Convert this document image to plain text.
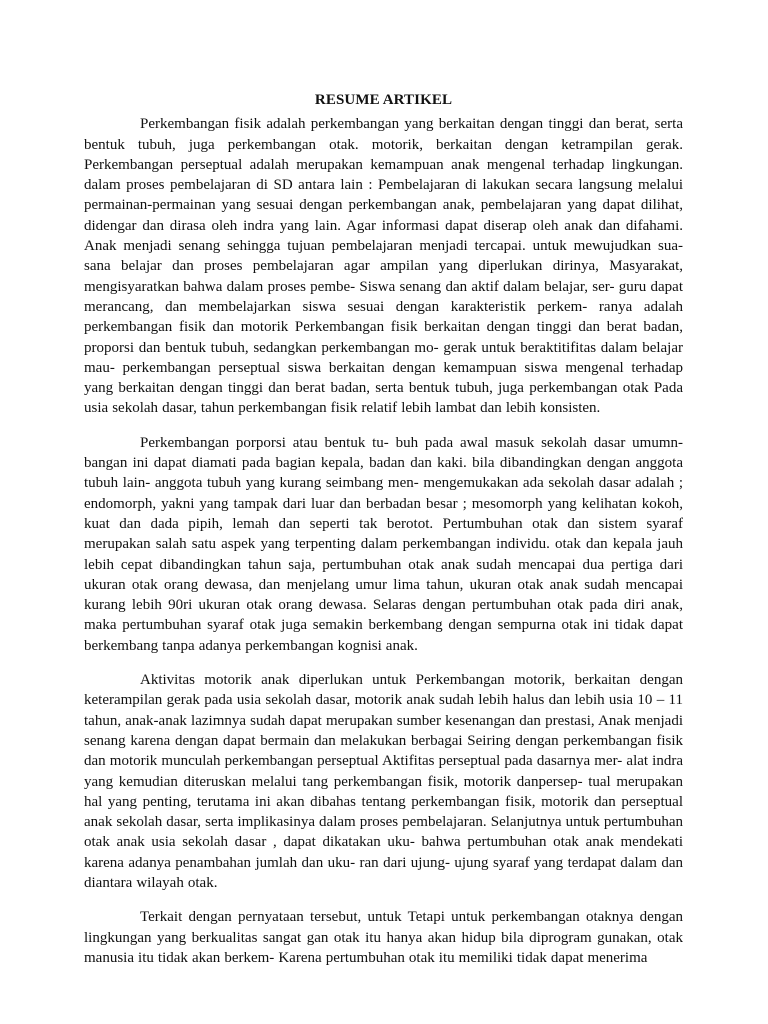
RESUME ARTIKEL

Perkembangan fisik adalah perkembangan yang berkaitan dengan tinggi dan berat, serta bentuk tubuh, juga perkembangan otak. motorik, berkaitan dengan ketrampilan gerak. Perkembangan perseptual adalah merupakan kemampuan anak mengenal terhadap lingkungan. dalam proses pembelajaran di SD antara lain : Pembelajaran di lakukan secara langsung melalui permainan-permainan yang sesuai dengan perkembangan anak, pembelajaran yang dapat dilihat, didengar dan dirasa oleh indra yang lain. Agar informasi dapat diserap oleh anak dan difahami. Anak menjadi senang sehingga tujuan pembelajaran menjadi tercapai. untuk mewujudkan sua- sana belajar dan proses pembelajaran agar ampilan yang diperlukan dirinya, Masyarakat, mengisyaratkan bahwa dalam proses pembe- Siswa senang dan aktif dalam belajar, ser- guru dapat merancang, dan membelajarkan siswa sesuai dengan karakteristik perkem- ranya adalah perkembangan fisik dan motorik Perkembangan fisik berkaitan dengan tinggi dan berat badan, proporsi dan bentuk tubuh, sedangkan perkembangan mo- gerak untuk beraktitifitas dalam belajar mau- perkembangan perseptual siswa berkaitan dengan kemampuan siswa mengenal terhadap yang berkaitan dengan tinggi dan berat badan, serta bentuk tubuh, juga perkembangan otak Pada usia sekolah dasar, tahun perkembangan fisik relatif lebih lambat dan lebih konsisten.

Perkembangan porporsi atau bentuk tu- buh pada awal masuk sekolah dasar umumn- bangan ini dapat diamati pada bagian kepala, badan dan kaki. bila dibandingkan dengan anggota tubuh lain- anggota tubuh yang kurang seimbang men- mengemukakan ada sekolah dasar adalah ; endomorph, yakni yang tampak dari luar dan berbadan besar ; mesomorph yang kelihatan kokoh, kuat dan dada pipih, lemah dan seperti tak berotot. Pertumbuhan otak dan sistem syaraf merupakan salah satu aspek yang terpenting dalam perkembangan individu. otak dan kepala jauh lebih cepat dibandingkan tahun saja, pertumbuhan otak anak sudah mencapai dua pertiga dari ukuran otak orang dewasa, dan menjelang umur lima tahun, ukuran otak anak sudah mencapai kurang lebih 90ri ukuran otak orang dewasa. Selaras dengan pertumbuhan otak pada diri anak, maka pertumbuhan syaraf otak juga semakin berkembang dengan sempurna otak ini tidak dapat berkembang tanpa adanya perkembangan kognisi anak.

Aktivitas motorik anak diperlukan untuk Perkembangan motorik, berkaitan dengan keterampilan gerak pada usia sekolah dasar, motorik anak sudah lebih halus dan lebih usia 10 – 11 tahun, anak-anak lazimnya sudah dapat merupakan sumber kesenangan dan prestasi, Anak menjadi senang karena dengan dapat bermain dan melakukan berbagai Seiring dengan perkembangan fisik dan motorik munculah perkembangan perseptual Aktifitas perseptual pada dasarnya mer- alat indra yang kemudian diteruskan melalui tang perkembangan fisik, motorik danpersep- tual merupakan hal yang penting, terutama ini akan dibahas tentang perkembangan fisik, motorik dan perseptual anak sekolah dasar, serta implikasinya dalam proses pembelajaran. Selanjutnya untuk pertumbuhan otak anak usia sekolah dasar , dapat dikatakan uku- bahwa pertumbuhan otak anak mendekati karena adanya penambahan jumlah dan uku- ran dari ujung- ujung syaraf yang terdapat dalam dan diantara wilayah otak.

Terkait dengan pernyataan tersebut, untuk Tetapi untuk perkembangan otaknya dengan lingkungan yang berkualitas sangat gan otak itu hanya akan hidup bila diprogram gunakan, otak manusia itu tidak akan berkem- Karena pertumbuhan otak itu memiliki tidak dapat menerima
